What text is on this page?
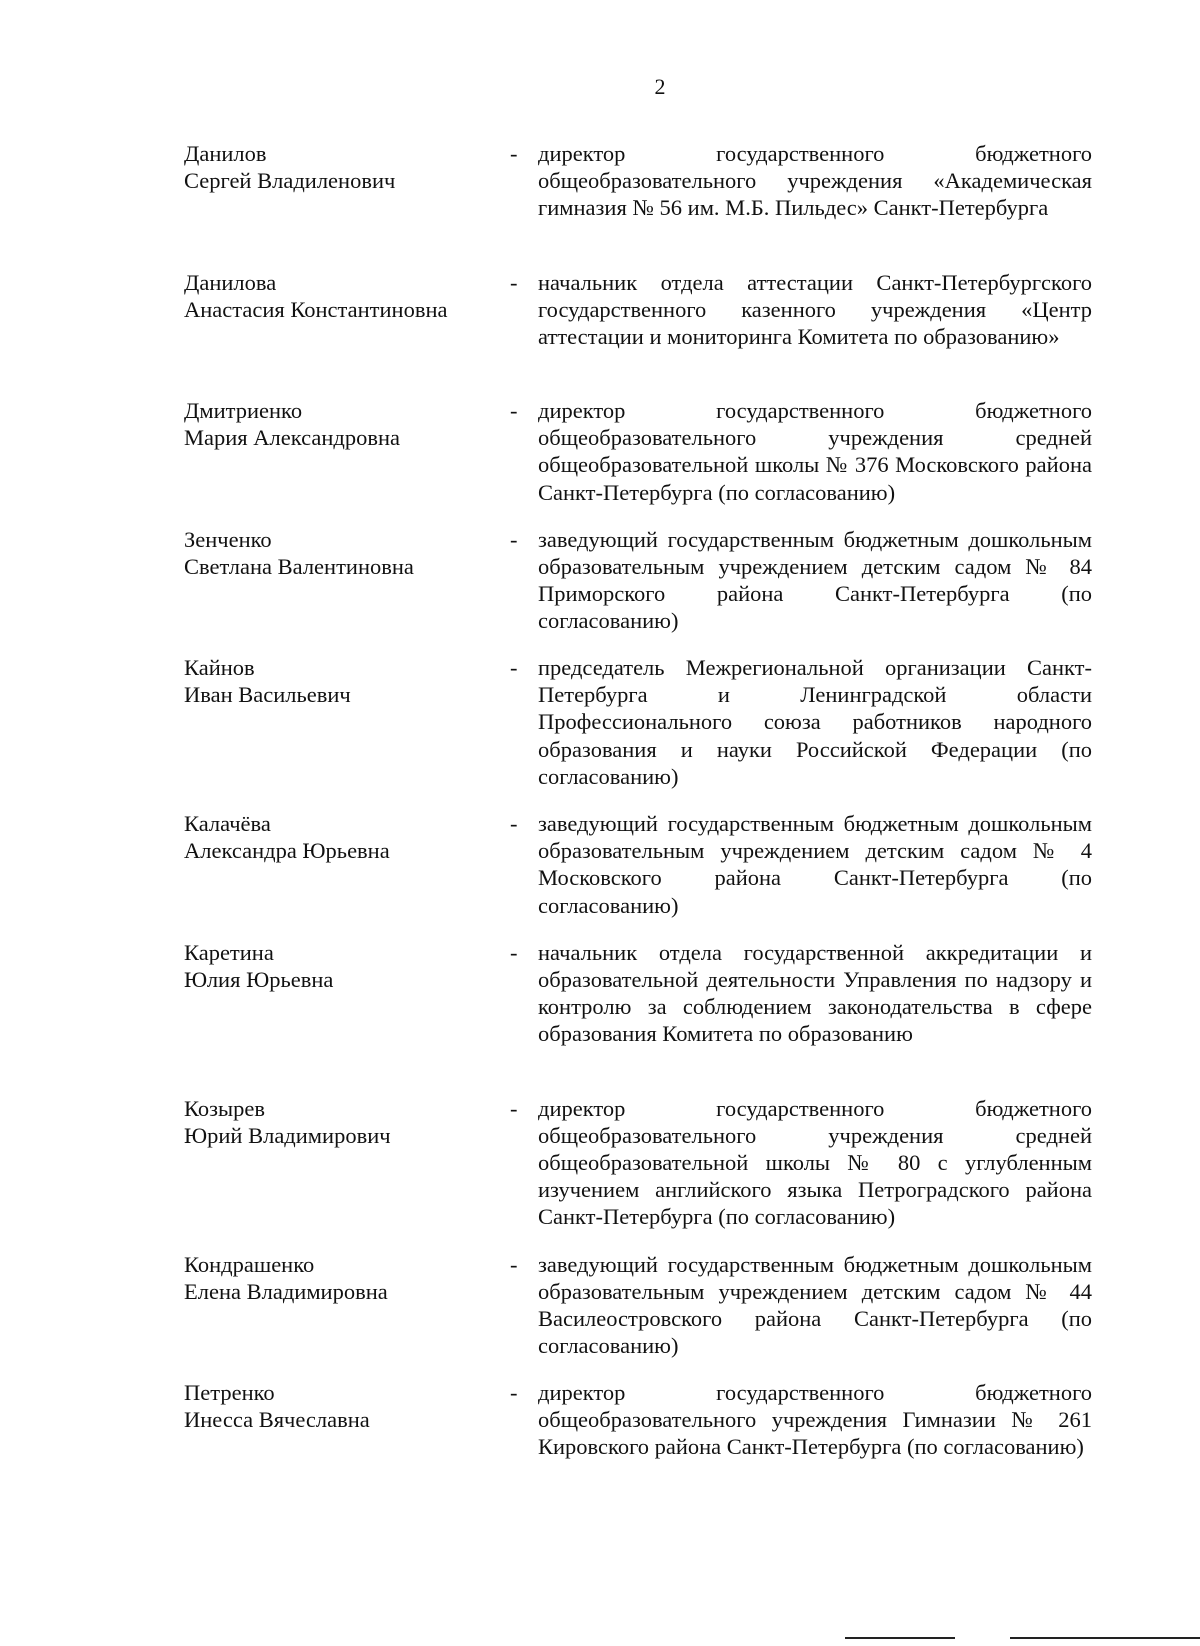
2
Данилов
Сергей Владиленович
- директор государственного бюджетного общеобразовательного учреждения «Академическая гимназия № 56 им. М.Б. Пильдес» Санкт-Петербурга
Данилова
Анастасия Константиновна
- начальник отдела аттестации Санкт-Петербургского государственного казенного учреждения «Центр аттестации и мониторинга Комитета по образованию»
Дмитриенко
Мария Александровна
- директор государственного бюджетного общеобразовательного учреждения средней общеобразовательной школы № 376 Московского района Санкт-Петербурга (по согласованию)
Зенченко
Светлана Валентиновна
- заведующий государственным бюджетным дошкольным образовательным учреждением детским садом № 84 Приморского района Санкт-Петербурга (по согласованию)
Кайнов
Иван Васильевич
- председатель Межрегиональной организации Санкт-Петербурга и Ленинградской области Профессионального союза работников народного образования и науки Российской Федерации (по согласованию)
Калачёва
Александра Юрьевна
- заведующий государственным бюджетным дошкольным образовательным учреждением детским садом № 4 Московского района Санкт-Петербурга (по согласованию)
Каретина
Юлия Юрьевна
- начальник отдела государственной аккредитации и образовательной деятельности Управления по надзору и контролю за соблюдением законодательства в сфере образования Комитета по образованию
Козырев
Юрий Владимирович
- директор государственного бюджетного общеобразовательного учреждения средней общеобразовательной школы № 80 с углубленным изучением английского языка Петроградского района Санкт-Петербурга (по согласованию)
Кондрашенко
Елена Владимировна
- заведующий государственным бюджетным дошкольным образовательным учреждением детским садом № 44 Василеостровского района Санкт-Петербурга (по согласованию)
Петренко
Инесса Вячеславна
- директор государственного бюджетного общеобразовательного учреждения Гимназии № 261 Кировского района Санкт-Петербурга (по согласованию)
